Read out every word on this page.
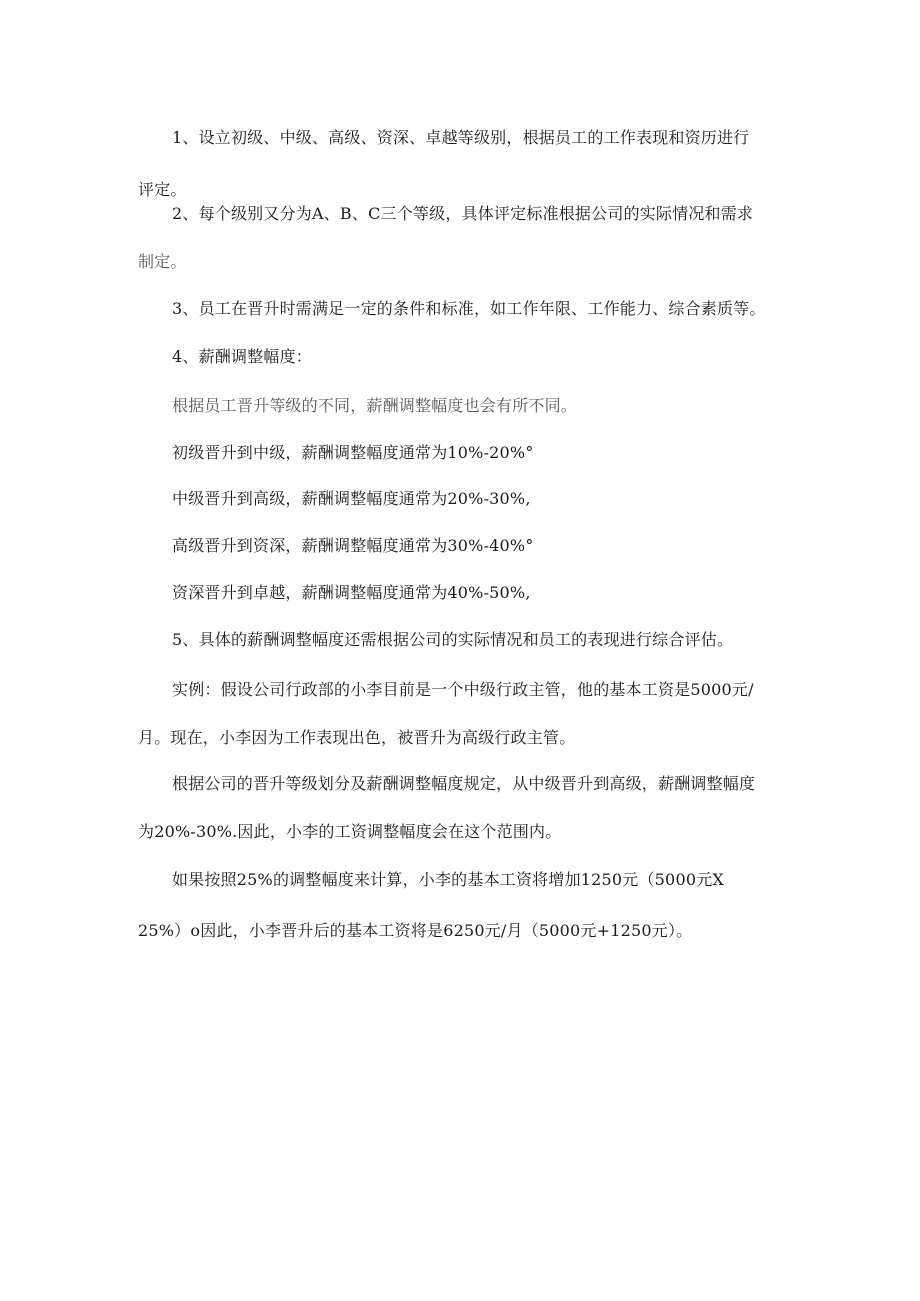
1、设立初级、中级、高级、资深、卓越等级别，根据员工的工作表现和资历进行
评定。
2、每个级别又分为A、B、C三个等级，具体评定标准根据公司的实际情况和需求
制定。
3、员工在晋升时需满足一定的条件和标准，如工作年限、工作能力、综合素质等。
4、薪酬调整幅度：
根据员工晋升等级的不同，薪酬调整幅度也会有所不同。
初级晋升到中级，薪酬调整幅度通常为10%-20%°
中级晋升到高级，薪酬调整幅度通常为20%-30%,
高级晋升到资深，薪酬调整幅度通常为30%-40%°
资深晋升到卓越，薪酬调整幅度通常为40%-50%,
5、具体的薪酬调整幅度还需根据公司的实际情况和员工的表现进行综合评估。
实例：假设公司行政部的小李目前是一个中级行政主管，他的基本工资是5000元/
月。现在，小李因为工作表现出色，被晋升为高级行政主管。
根据公司的晋升等级划分及薪酬调整幅度规定，从中级晋升到高级，薪酬调整幅度
为20%-30%.因此，小李的工资调整幅度会在这个范围内。
如果按照25%的调整幅度来计算，小李的基本工资将增加1250元（5000元X
25%）o因此，小李晋升后的基本工资将是6250元/月（5000元+1250元）。
